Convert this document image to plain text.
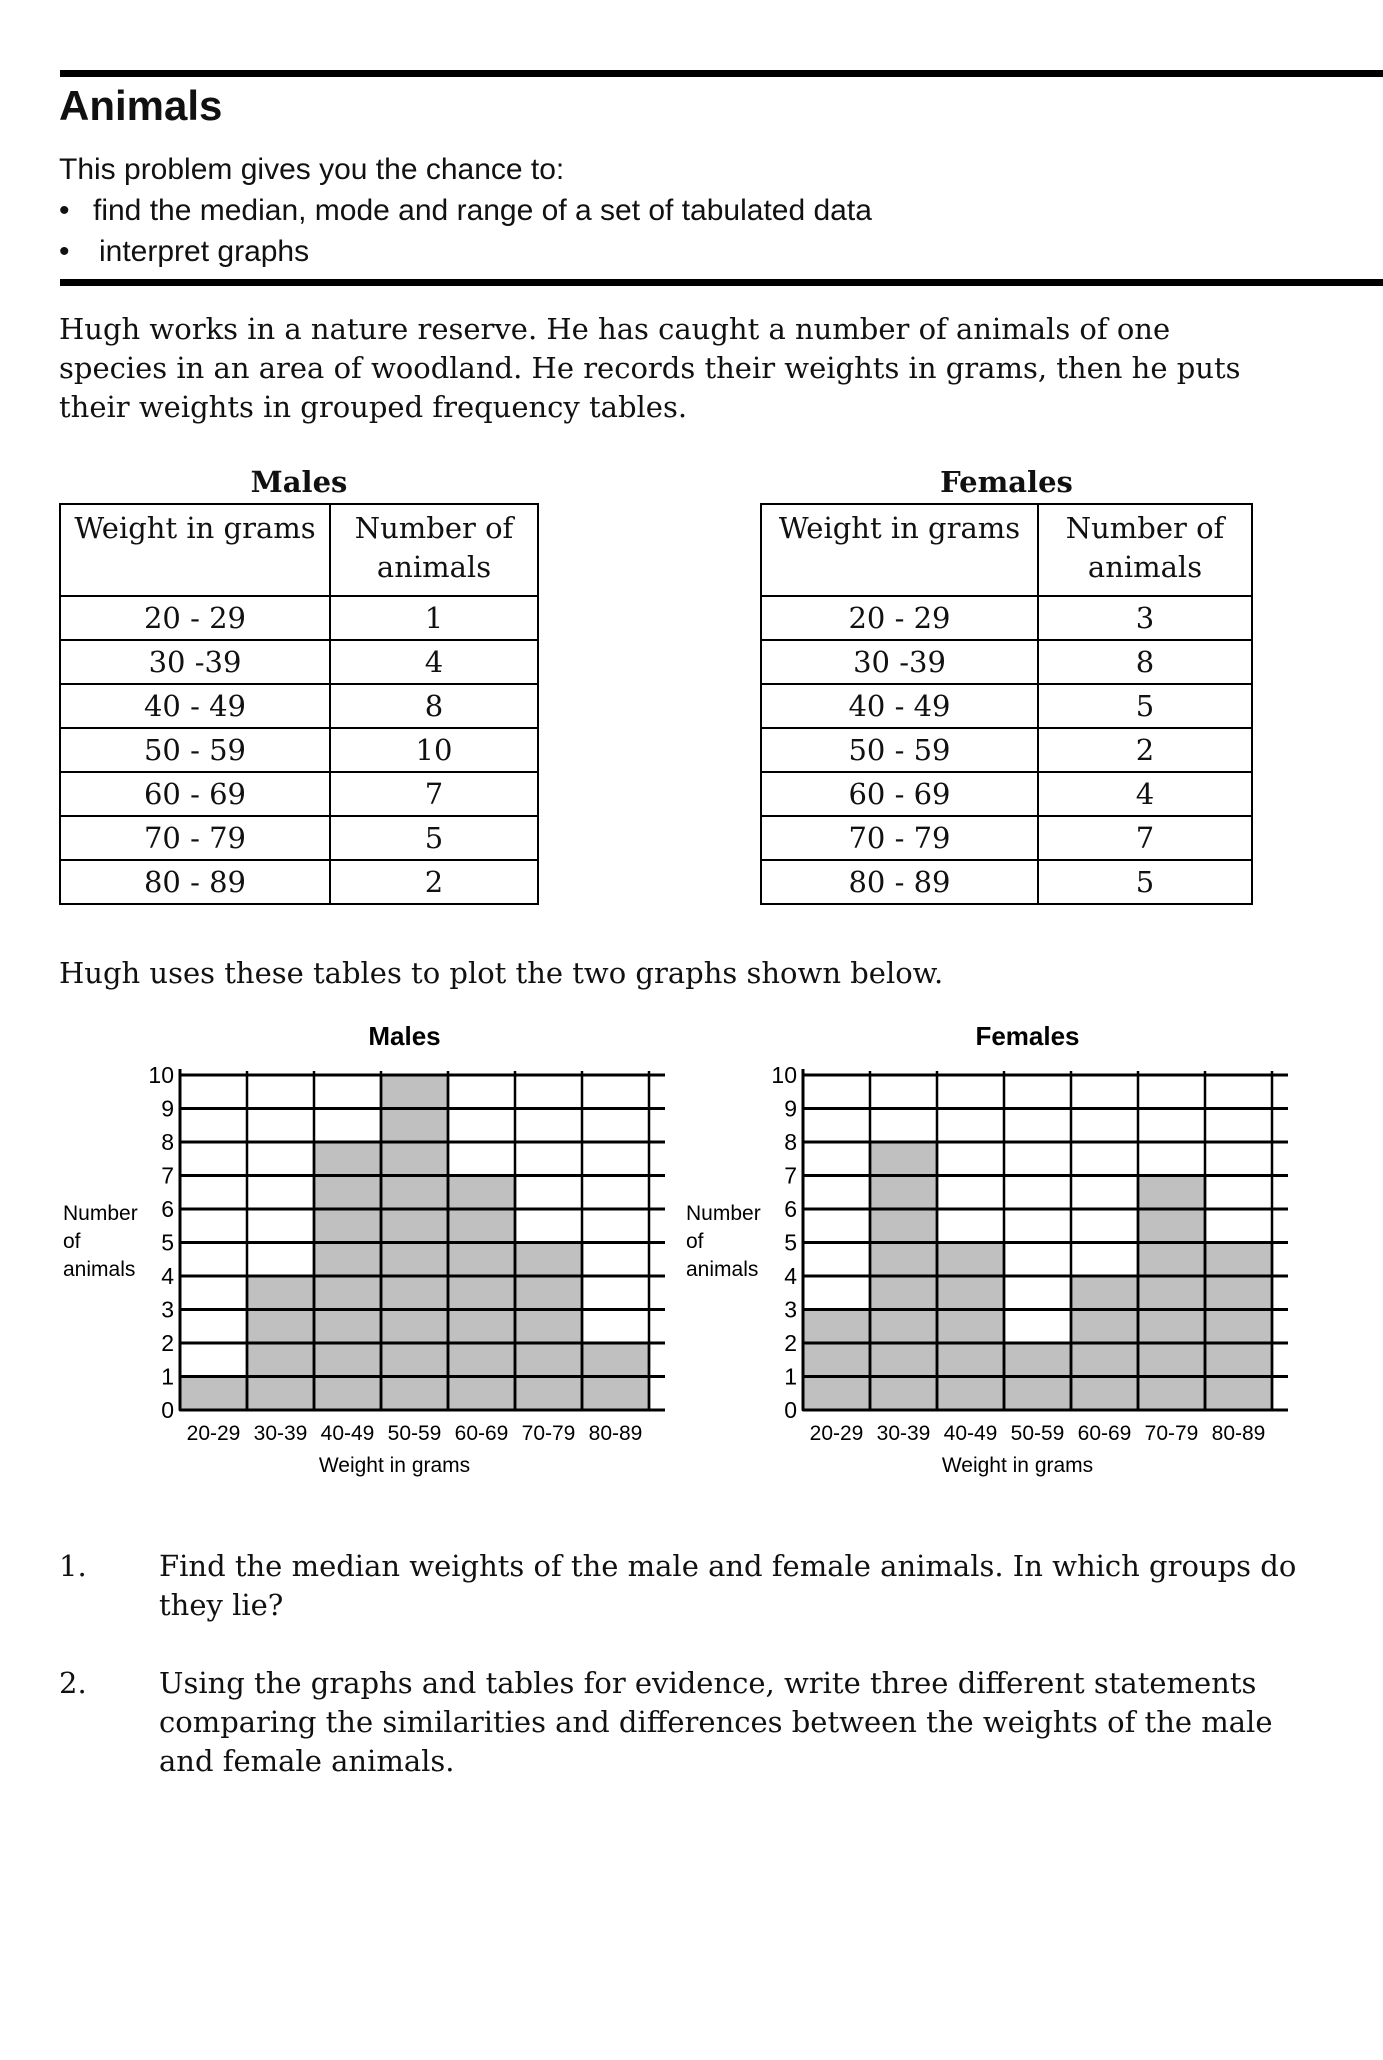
Animals

This problem gives you the chance to:

• find the median, mode and range of a set of tabulated data
• interpret graphs

Hugh works in a nature reserve. He has caught a number of animals of one species in an area of woodland. He records their weights in grams, then he puts their weights in grouped frequency tables.

Males
Weight in grams	Number of
animals
20 - 29	1
30 -39	4
40 - 49	8
50 - 59	10
60 - 69	7
70 - 79	5
80 - 89	2
Females
Weight in grams	Number of
animals
20 - 29	3
30 -39	8
40 - 49	5
50 - 59	2
60 - 69	4
70 - 79	7
80 - 89	5

Hugh uses these tables to plot the two graphs shown below.

Males
0
1
2
3
4
5
6
7
8
9
10
Number
of
animals
20-29 30-39 40-49 50-59 60-69 70-79 80-89
Weight in grams
Females
0
1
2
3
4
5
6
7
8
9
10
Number
of
animals
20-29 30-39 40-49 50-59 60-69 70-79 80-89
Weight in grams
1. Find the median weights of the male and female animals. In which groups do they lie?
2. Using the graphs and tables for evidence, write three different statements comparing the similarities and differences between the weights of the male and female animals.
